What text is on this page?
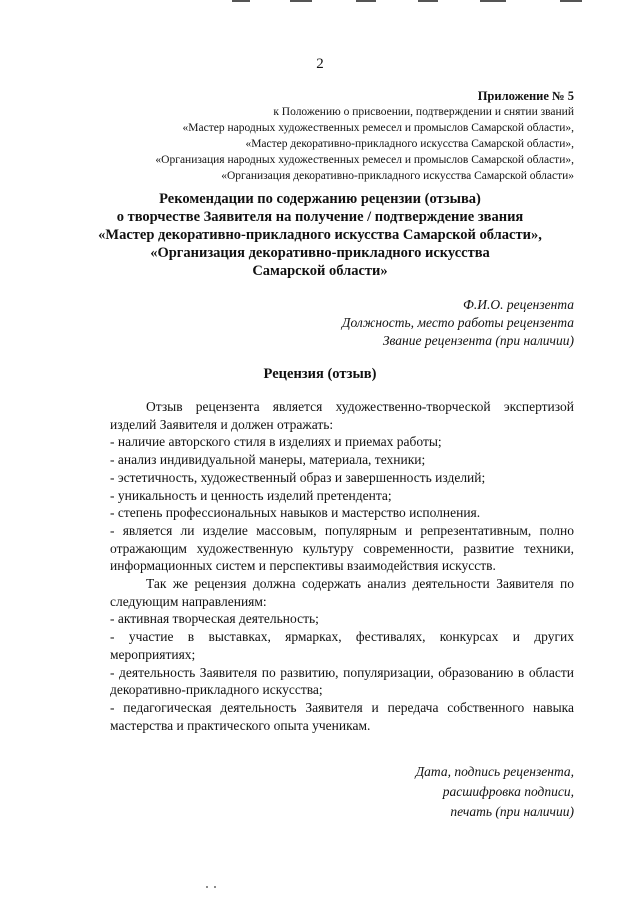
2
Приложение № 5
к Положению о присвоении, подтверждении и снятии званий
«Мастер народных художественных ремесел и промыслов Самарской области»,
«Мастер декоративно-прикладного искусства Самарской области»,
«Организация народных художественных ремесел и промыслов Самарской области»,
«Организация декоративно-прикладного искусства Самарской области»
Рекомендации по содержанию рецензии (отзыва)
о творчестве Заявителя на получение / подтверждение звания
«Мастер декоративно-прикладного искусства Самарской области»,
«Организация декоративно-прикладного искусства
Самарской области»
Ф.И.О. рецензента
Должность, место работы рецензента
Звание рецензента (при наличии)
Рецензия (отзыв)

Отзыв рецензента является художественно-творческой экспертизой изделий Заявителя и должен отражать:

- наличие авторского стиля в изделиях и приемах работы;

- анализ индивидуальной манеры, материала, техники;

- эстетичность, художественный образ и завершенность изделий;

- уникальность и ценность изделий претендента;

- степень профессиональных навыков и мастерство исполнения.

- является ли изделие массовым, популярным и репрезентативным, полно отражающим художественную культуру современности, развитие техники, информационных систем и перспективы взаимодействия искусств.

Так же рецензия должна содержать анализ деятельности Заявителя по следующим направлениям:

- активная творческая деятельность;

- участие в выставках, ярмарках, фестивалях, конкурсах и других мероприятиях;

- деятельность Заявителя по развитию, популяризации, образованию в области декоративно-прикладного искусства;

- педагогическая деятельность Заявителя и передача собственного навыка мастерства и практического опыта ученикам.

Дата, подпись рецензента,
расшифровка подписи,
печать (при наличии)
